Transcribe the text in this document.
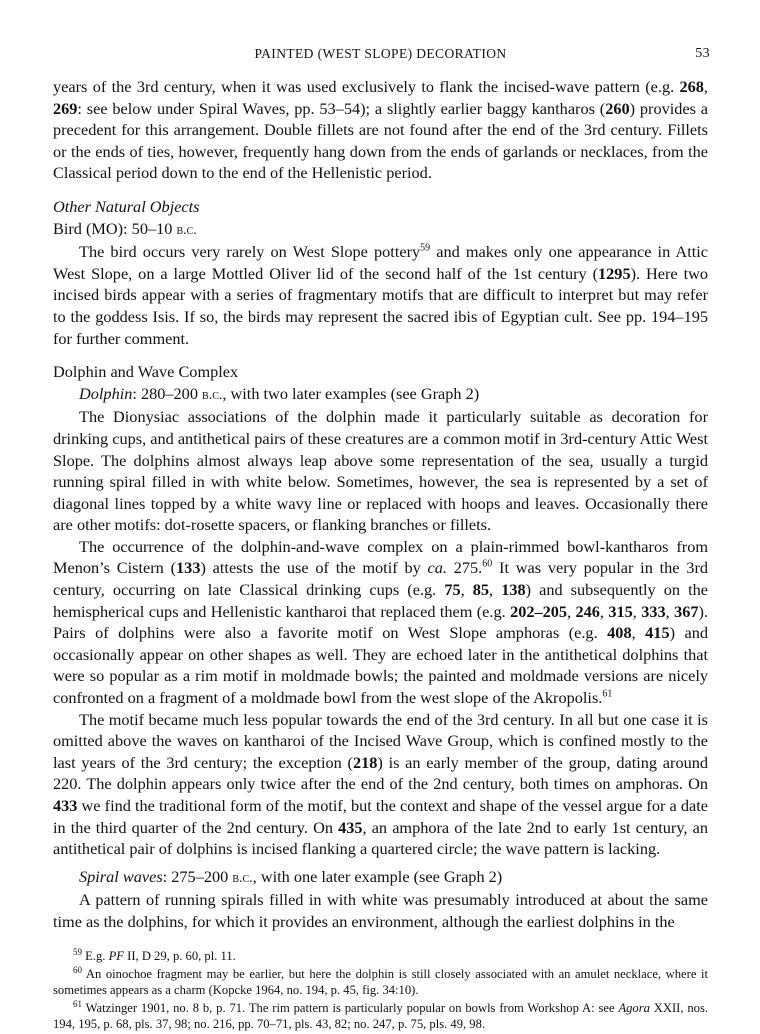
PAINTED (WEST SLOPE) DECORATION	53

years of the 3rd century, when it was used exclusively to flank the incised-wave pattern (e.g. 268, 269: see below under Spiral Waves, pp. 53–54); a slightly earlier baggy kantharos (260) provides a precedent for this arrangement. Double fillets are not found after the end of the 3rd century. Fillets or the ends of ties, however, frequently hang down from the ends of garlands or necklaces, from the Classical period down to the end of the Hellenistic period.

Other Natural Objects

Bird (MO): 50–10 b.c.

The bird occurs very rarely on West Slope pottery$^{59}$ and makes only one appearance in Attic West Slope, on a large Mottled Oliver lid of the second half of the 1st century (1295). Here two incised birds appear with a series of fragmentary motifs that are difficult to interpret but may refer to the goddess Isis. If so, the birds may represent the sacred ibis of Egyptian cult. See pp. 194–195 for further comment.

Dolphin and Wave Complex

Dolphin: 280–200 b.c., with two later examples (see Graph 2)

The Dionysiac associations of the dolphin made it particularly suitable as decoration for drinking cups, and antithetical pairs of these creatures are a common motif in 3rd-century Attic West Slope. The dolphins almost always leap above some representation of the sea, usually a turgid running spiral filled in with white below. Sometimes, however, the sea is represented by a set of diagonal lines topped by a white wavy line or replaced with hoops and leaves. Occasionally there are other motifs: dot-rosette spacers, or flanking branches or fillets.

The occurrence of the dolphin-and-wave complex on a plain-rimmed bowl-kantharos from Menon’s Cistern (133) attests the use of the motif by ca. 275.60 It was very popular in the 3rd century, occurring on late Classical drinking cups (e.g. 75, 85, 138) and subsequently on the hemispherical cups and Hellenistic kantharoi that replaced them (e.g. 202–205, 246, 315, 333, 367). Pairs of dolphins were also a favorite motif on West Slope amphoras (e.g. 408, 415) and occasionally appear on other shapes as well. They are echoed later in the antithetical dolphins that were so popular as a rim motif in moldmade bowls; the painted and moldmade versions are nicely confronted on a fragment of a moldmade bowl from the west slope of the Akropolis.$^{61}$

The motif became much less popular towards the end of the 3rd century. In all but one case it is omitted above the waves on kantharoi of the Incised Wave Group, which is confined mostly to the last years of the 3rd century; the exception (218) is an early member of the group, dating around 220. The dolphin appears only twice after the end of the 2nd century, both times on amphoras. On 433 we find the traditional form of the motif, but the context and shape of the vessel argue for a date in the third quarter of the 2nd century. On 435, an amphora of the late 2nd to early 1st century, an antithetical pair of dolphins is incised flanking a quartered circle; the wave pattern is lacking.

Spiral waves: 275–200 b.c., with one later example (see Graph 2)

A pattern of running spirals filled in with white was presumably introduced at about the same time as the dolphins, for which it provides an environment, although the earliest dolphins in the

$^{59}$ E.g. PF II, D 29, p. 60, pl. 11.

$^{60}$ An oinochoe fragment may be earlier, but here the dolphin is still closely associated with an amulet necklace, where it sometimes appears as a charm (Kopcke 1964, no. 194, p. 45, fig. 34:10).

$^{61}$ Watzinger 1901, no. 8 b, p. 71. The rim pattern is particularly popular on bowls from Workshop A: see Agora XXII, nos. 194, 195, p. 68, pls. 37, 98; no. 216, pp. 70–71, pls. 43, 82; no. 247, p. 75, pls. 49, 98.
